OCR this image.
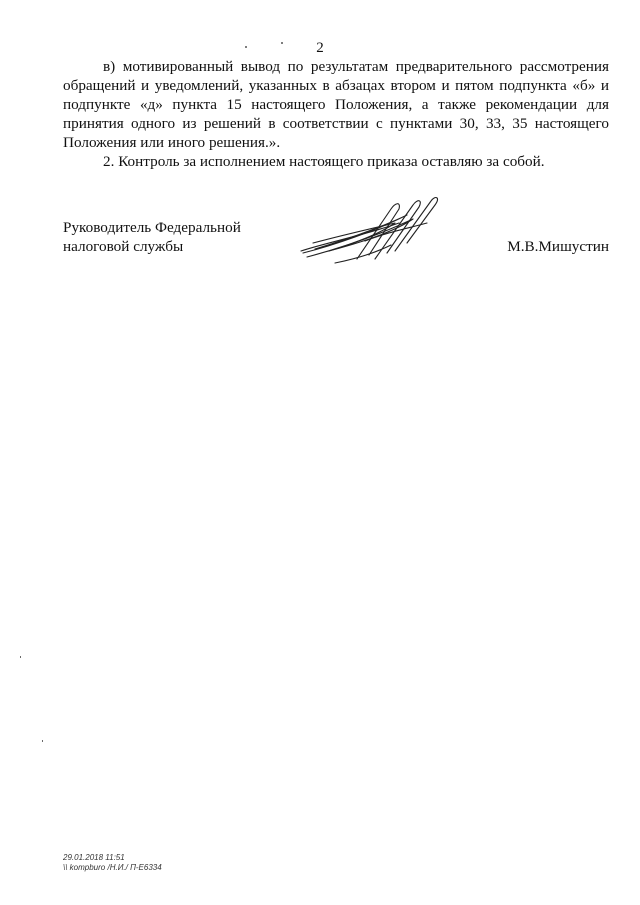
2

в) мотивированный вывод по результатам предварительного рассмотрения обращений и уведомлений, указанных в абзацах втором и пятом подпункта «б» и подпункте «д» пункта 15 настоящего Положения, а также рекомендации для принятия одного из решений в соответствии с пунктами 30, 33, 35 настоящего Положения или иного решения.».

2. Контроль за исполнением настоящего приказа оставляю за собой.

Руководитель Федеральной
налоговой службы	М.В.Мишустин
29.01.2018 11:51
\\ kompburo /Н.И./ П-Е6334
